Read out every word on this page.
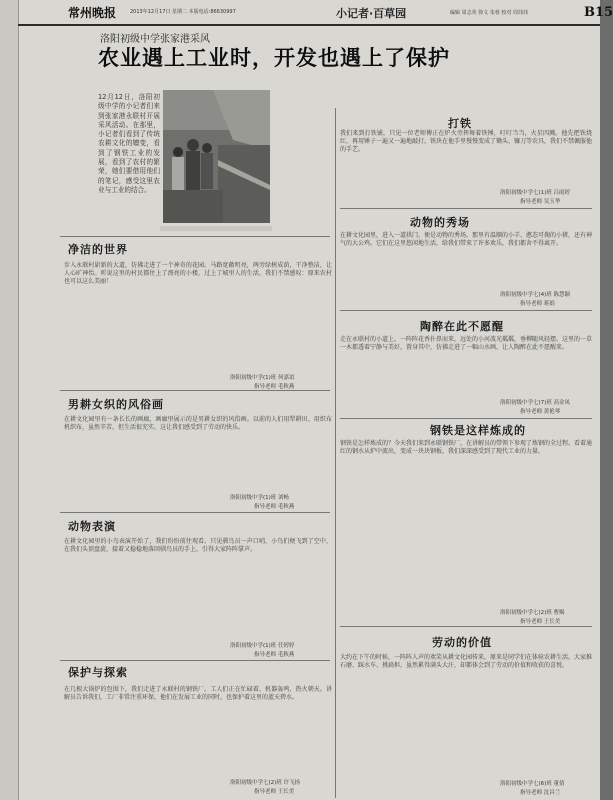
常州晚报	2013年12月17日 星期二 本版电话:86630997	小记者·百草园	编辑 周志英 徐文 朱蓉 校对 周玮玮	B15
洛阳初级中学张家港采风
农业遇上工业时，开发也遇上了保护
12月12日，洛阳初级中学的小记者们来到张家港永联村开展采风活动。在那里，小记者们看到了传统农耕文化的嬗变，看到了钢铁工业的发展，看到了农村的繁荣，她们要借用他们的笔记，感受这里农业与工业的结合。
净洁的世界
步入永联村崭新的大道，仿佛走进了一个神奇的花园。马路宽敞明亮，两旁绿树成荫，干净整洁，让人心旷神怡。听说这里的村民都住上了漂亮的小楼，过上了城里人的生活，我们不禁感叹：原来农村也可以这么美丽！
洛阳初级中学(1)班 何嘉谊
指导老师 毛秋燕
男耕女织的风俗画
在耕文化园里有一条长长的画廊，画廊里展示的是男耕女织的风俗画。以前的人们用犁耕田、用织布机织布，虽然辛苦，但生活很充实，这让我们感受到了劳动的快乐。
洛阳初级中学(1)班 刘畅
指导老师 毛秋燕
动物表演
在耕文化园里的小鸟表演开始了，我们纷纷前往观看。只见驯鸟员一声口哨，小鸟们便飞到了空中，在我们头顶盘旋，接着又稳稳地落回驯鸟员的手上，引得大家阵阵掌声。
洛阳初级中学(1)班 任婷婷
指导老师 毛秋燕
保护与探索
在几根大锅炉的包围下，我们走进了永联村的钢铁厂。工人们正在忙碌着，机器轰鸣，热火朝天。讲解员告诉我们，工厂非常注重环保，他们在发展工业的同时，也保护着这里的蓝天碧水。
洛阳初级中学七(2)班 许飞扬
指导老师 王长美
打铁
我们来到打铁铺，只见一位老师傅正在炉火旁挥舞着铁锤，叮叮当当，火星四溅。他先把铁烧红，再用锤子一遍又一遍地敲打，铁块在他手里慢慢变成了锄头、镰刀等农具，我们不禁佩服他的手艺。
洛阳初级中学七(1)班 吕雨婷
指导老师 吴玉华
动物的秀场
在耕文化园里，进入一道拱门，便是动物的秀场。那里有温顺的小羊、憨态可掬的小猪，还有神气的大公鸡。它们在这里悠闲地生活，给我们带来了许多欢乐，我们都舍不得离开。
洛阳初级中学七(4)班 陈慧颖
指导老师 蒋娟
陶醉在此不愿醒
走在永联村的小道上，一阵阵花香扑鼻而来，远处的小河波光粼粼，垂柳随风轻摆。这里的一草一木都透着宁静与美好，置身其中，仿佛走进了一幅山水画，让人陶醉在此不愿醒来。
洛阳初级中学七(7)班 高金凤
指导老师 黄艳琴
钢铁是这样炼成的
钢铁是怎样炼成的？今天我们来到永联钢铁厂，在讲解员的带领下参观了炼钢的全过程。看着通红的钢水从炉中流出，变成一块块钢板，我们深深感受到了现代工业的力量。
洛阳初级中学七(2)班 曹赐
指导老师 王长美
劳动的价值
大约在下午的时候，一阵阵人声的欢笑从耕文化园传来，原来是同学们在体验农耕生活。大家推石磨、踩水车、挑扁担，虽然累得满头大汗，却都体会到了劳动的价值和收获的喜悦。
洛阳初级中学七(6)班 董倩
指导老师 沈昌兰
